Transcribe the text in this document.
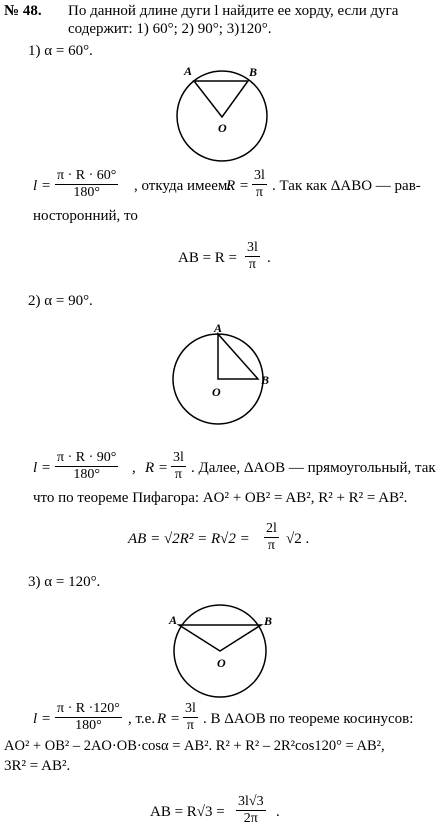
№ 48. По данной длине дуги l найдите ее хорду, если дуга
содержит: 1) 60°; 2) 90°; 3)120°.
1) α = 60°.
A	B
O
$l = \frac{\pi \cdot R \cdot 60^\circ}{180^\circ}$ , откуда имеем:
$R = \frac{3l}{\pi}$ . Так как ΔABO — рав-
носторонний, то
AB = $R = \frac{3l}{\pi}$ .
2) α = 90°.
A
B
O
$l = \frac{\pi \cdot R \cdot 90^\circ}{180^\circ}$ , $R = \frac{3l}{\pi}$ . Далее, ΔAOB — прямоугольный, так
что по теореме Пифагора: AO² + OB² = AB², R² + R² = AB².
AB = $√2R^2 = R√2 = \frac{2l}{\pi} √2$ .
3) α = 120°.
A	B
O
$l = \frac{\pi \cdot R \cdot 120^\circ}{180^\circ}$ , т.е. $R = \frac{3l}{\pi}$ . В ΔAOB по теореме косинусов:
AO² + OB² – 2AO·OB·cosα = AB². R² + R² – 2R²cos120° = AB²,
3R² = AB².
AB = $R√3 = \frac{3l√3}{2\pi}$ .
